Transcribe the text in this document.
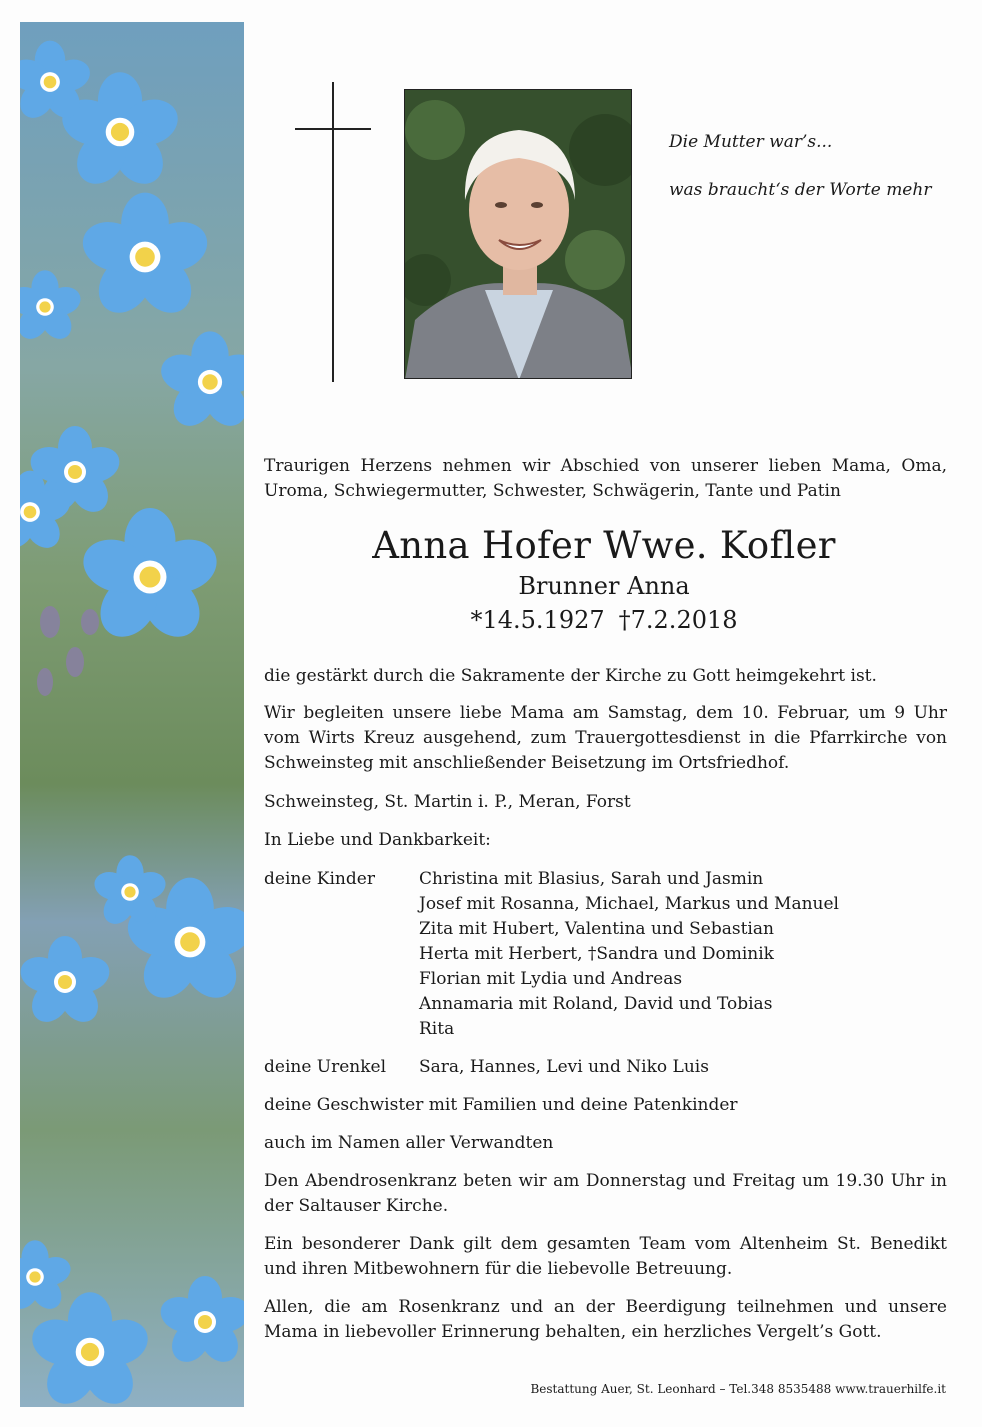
Die Mutter war’s...
was braucht‘s der Worte mehr

Traurigen Herzens nehmen wir Abschied von unserer lieben Mama, Oma, Uroma, Schwiegermutter, Schwester, Schwägerin, Tante und Patin

Anna Hofer Wwe. Kofler
Brunner Anna
*14.5.1927 †7.2.2018

die gestärkt durch die Sakramente der Kirche zu Gott heimgekehrt ist.

Wir begleiten unsere liebe Mama am Samstag, dem 10. Februar, um 9 Uhr vom Wirts Kreuz ausgehend, zum Trauergottesdienst in die Pfarrkirche von Schweinsteg mit anschließender Beisetzung im Ortsfriedhof.

Schweinsteg, St. Martin i. P., Meran, Forst

In Liebe und Dankbarkeit:

deine Kinder	Christina mit Blasius, Sarah und Jasmin
Josef mit Rosanna, Michael, Markus und Manuel
Zita mit Hubert, Valentina und Sebastian
Herta mit Herbert, †Sandra und Dominik
Florian mit Lydia und Andreas
Annamaria mit Roland, David und Tobias
Rita
deine Urenkel	Sara, Hannes, Levi und Niko Luis

deine Geschwister mit Familien und deine Patenkinder

auch im Namen aller Verwandten

Den Abendrosenkranz beten wir am Donnerstag und Freitag um 19.30 Uhr in der Saltauser Kirche.

Ein besonderer Dank gilt dem gesamten Team vom Altenheim St. Benedikt und ihren Mitbewohnern für die liebevolle Betreuung.

Allen, die am Rosenkranz und an der Beerdigung teilnehmen und unsere Mama in liebevoller Erinnerung behalten, ein herzliches Vergelt’s Gott.

Bestattung Auer, St. Leonhard – Tel.348 8535488 www.trauerhilfe.it
